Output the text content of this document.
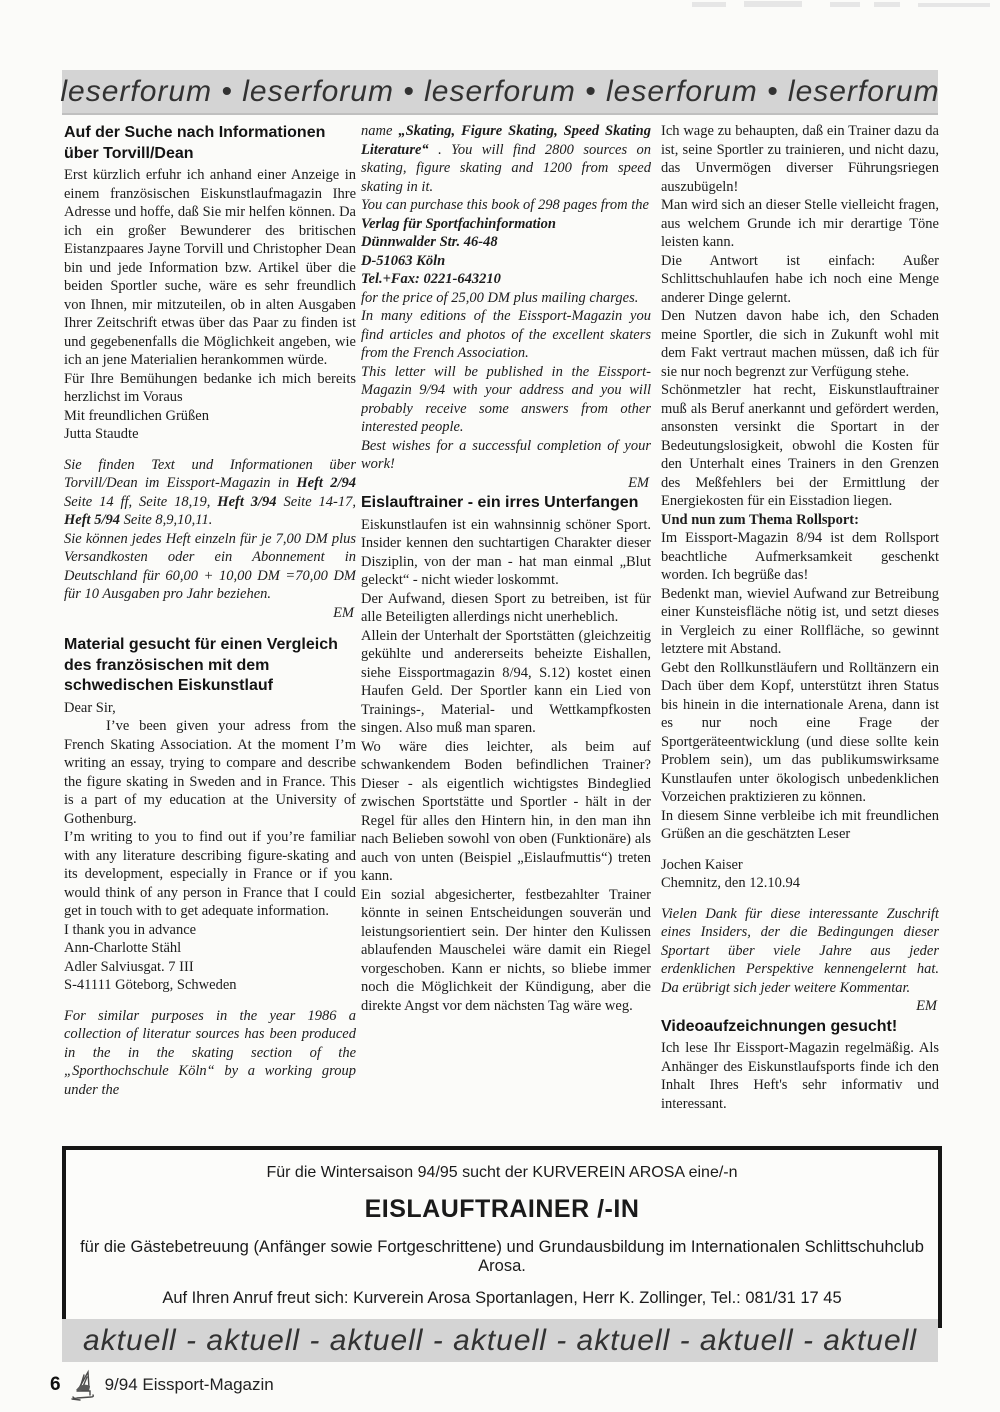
leserforum • leserforum • leserforum • leserforum • leserforum
Auf der Suche nach Informationen über Torvill/Dean
Erst kürzlich erfuhr ich anhand einer Anzeige in einem französischen Eiskunstlaufmagazin Ihre Adresse und hoffe, daß Sie mir helfen können. Da ich ein großer Bewunderer des britischen Eistanzpaares Jayne Torvill und Christopher Dean bin und jede Information bzw. Artikel über die beiden Sportler suche, wäre es sehr freundlich von Ihnen, mir mitzuteilen, ob in alten Ausgaben Ihrer Zeitschrift etwas über das Paar zu finden ist und gegebenenfalls die Möglichkeit angeben, wie ich an jene Materialien herankommen würde.
Für Ihre Bemühungen bedanke ich mich bereits herzlichst im Voraus
Mit freundlichen Grüßen
Jutta Staudte
Sie finden Text und Informationen über Torvill/Dean im Eissport-Magazin in Heft 2/94 Seite 14 ff, Seite 18,19, Heft 3/94 Seite 14-17, Heft 5/94 Seite 8,9,10,11.
Sie können jedes Heft einzeln für je 7,00 DM plus Versandkosten oder ein Abonnement in Deutschland für 60,00 + 10,00 DM =70,00 DM für 10 Ausgaben pro Jahr beziehen.
EM
Material gesucht für einen Vergleich des französischen mit dem schwedischen Eiskunstlauf
Dear Sir,
I’ve been given your adress from the French Skating Association. At the moment I’m writing an essay, trying to compare and describe the figure skating in Sweden and in France. This is a part of my education at the University of Gothenburg.
I’m writing to you to find out if you’re familiar with any literature describing figure-skating and its development, especially in France or if you would think of any person in France that I could get in touch with to get adequate information.
I thank you in advance
Ann-Charlotte Stähl
Adler Salviusgat. 7 III
S-41111 Göteborg, Schweden
For similar purposes in the year 1986 a collection of literatur sources has been produced in the in the skating section of the „Sporthochschule Köln“ by a working group under the
name „Skating, Figure Skating, Speed Skating Literature“ . You will find 2800 sources on skating, figure skating and 1200 from speed skating in it.
You can purchase this book of 298 pages from the
Verlag für Sportfachinformation
Dünnwalder Str. 46-48
D-51063 Köln
Tel.+Fax: 0221-643210
for the price of 25,00 DM plus mailing charges.
In many editions of the Eissport-Magazin you find articles and photos of the excellent skaters from the French Association.
This letter will be published in the Eissport-Magazin 9/94 with your address and you will probably receive some answers from other interested people.
Best wishes for a successful completion of your work!
EM
Eislauftrainer - ein irres Unterfangen
Eiskunstlaufen ist ein wahnsinnig schöner Sport. Insider kennen den suchtartigen Charakter dieser Disziplin, von der man - hat man einmal „Blut geleckt“ - nicht wieder loskommt.
Der Aufwand, diesen Sport zu betreiben, ist für alle Beteiligten allerdings nicht unerheblich.
Allein der Unterhalt der Sportstätten (gleichzeitig gekühlte und andererseits beheizte Eishallen, siehe Eissportmagazin 8/94, S.12) kostet einen Haufen Geld. Der Sportler kann ein Lied von Trainings-, Material- und Wettkampfkosten singen. Also muß man sparen.
Wo wäre dies leichter, als beim auf schwankendem Boden befindlichen Trainer? Dieser - als eigentlich wichtigstes Bindeglied zwischen Sportstätte und Sportler - hält in der Regel für alles den Hintern hin, in den man ihn nach Belieben sowohl von oben (Funktionäre) als auch von unten (Beispiel „Eislaufmuttis“) treten kann.
Ein sozial abgesicherter, festbezahlter Trainer könnte in seinen Entscheidungen souverän und leistungsorientiert sein. Der hinter den Kulissen ablaufenden Mauschelei wäre damit ein Riegel vorgeschoben. Kann er nichts, so bliebe immer noch die Möglichkeit der Kündigung, aber die direkte Angst vor dem nächsten Tag wäre weg.
Ich wage zu behaupten, daß ein Trainer dazu da ist, seine Sportler zu trainieren, und nicht dazu, das Unvermögen diverser Führungsriegen auszubügeln!
Man wird sich an dieser Stelle vielleicht fragen, aus welchem Grunde ich mir derartige Töne leisten kann.
Die Antwort ist einfach: Außer Schlittschuhlaufen habe ich noch eine Menge anderer Dinge gelernt.
Den Nutzen davon habe ich, den Schaden meine Sportler, die sich in Zukunft wohl mit dem Fakt vertraut machen müssen, daß ich für sie nur noch begrenzt zur Verfügung stehe.
Schönmetzler hat recht, Eiskunstlauftrainer muß als Beruf anerkannt und gefördert werden, ansonsten versinkt die Sportart in der Bedeutungslosigkeit, obwohl die Kosten für den Unterhalt eines Trainers in den Grenzen des Meßfehlers bei der Ermittlung der Energiekosten für ein Eisstadion liegen.
Und nun zum Thema Rollsport:
Im Eissport-Magazin 8/94 ist dem Rollsport beachtliche Aufmerksamkeit geschenkt worden. Ich begrüße das!
Bedenkt man, wieviel Aufwand zur Betreibung einer Kunsteisfläche nötig ist, und setzt dieses in Vergleich zu einer Rollfläche, so gewinnt letztere mit Abstand.
Gebt den Rollkunstläufern und Rolltänzern ein Dach über dem Kopf, unterstützt ihren Status bis hinein in die internationale Arena, dann ist es nur noch eine Frage der Sportgeräteentwicklung (und diese sollte kein Problem sein), um das publikumswirksame Kunstlaufen unter ökologisch unbedenklichen Vorzeichen praktizieren zu können.
In diesem Sinne verbleibe ich mit freundlichen Grüßen an die geschätzten Leser
Jochen Kaiser
Chemnitz, den 12.10.94
Vielen Dank für diese interessante Zuschrift eines Insiders, der die Bedingungen dieser Sportart über viele Jahre aus jeder erdenklichen Perspektive kennengelernt hat. Da erübrigt sich jeder weitere Kommentar.
EM
Videoaufzeichnungen gesucht!
Ich lese Ihr Eissport-Magazin regelmäßig. Als Anhänger des Eiskunstlaufsports finde ich den Inhalt Ihres Heft's sehr informativ und interessant.
Für die Wintersaison 94/95 sucht der KURVEREIN AROSA eine/-n
EISLAUFTRAINER /-IN
für die Gästebetreuung (Anfänger sowie Fortgeschrittene) und Grundausbildung im Internationalen Schlittschuhclub Arosa.
Auf Ihren Anruf freut sich: Kurverein Arosa Sportanlagen, Herr K. Zollinger, Tel.: 081/31 17 45
aktuell - aktuell - aktuell - aktuell - aktuell - aktuell - aktuell
6	9/94 Eissport-Magazin
